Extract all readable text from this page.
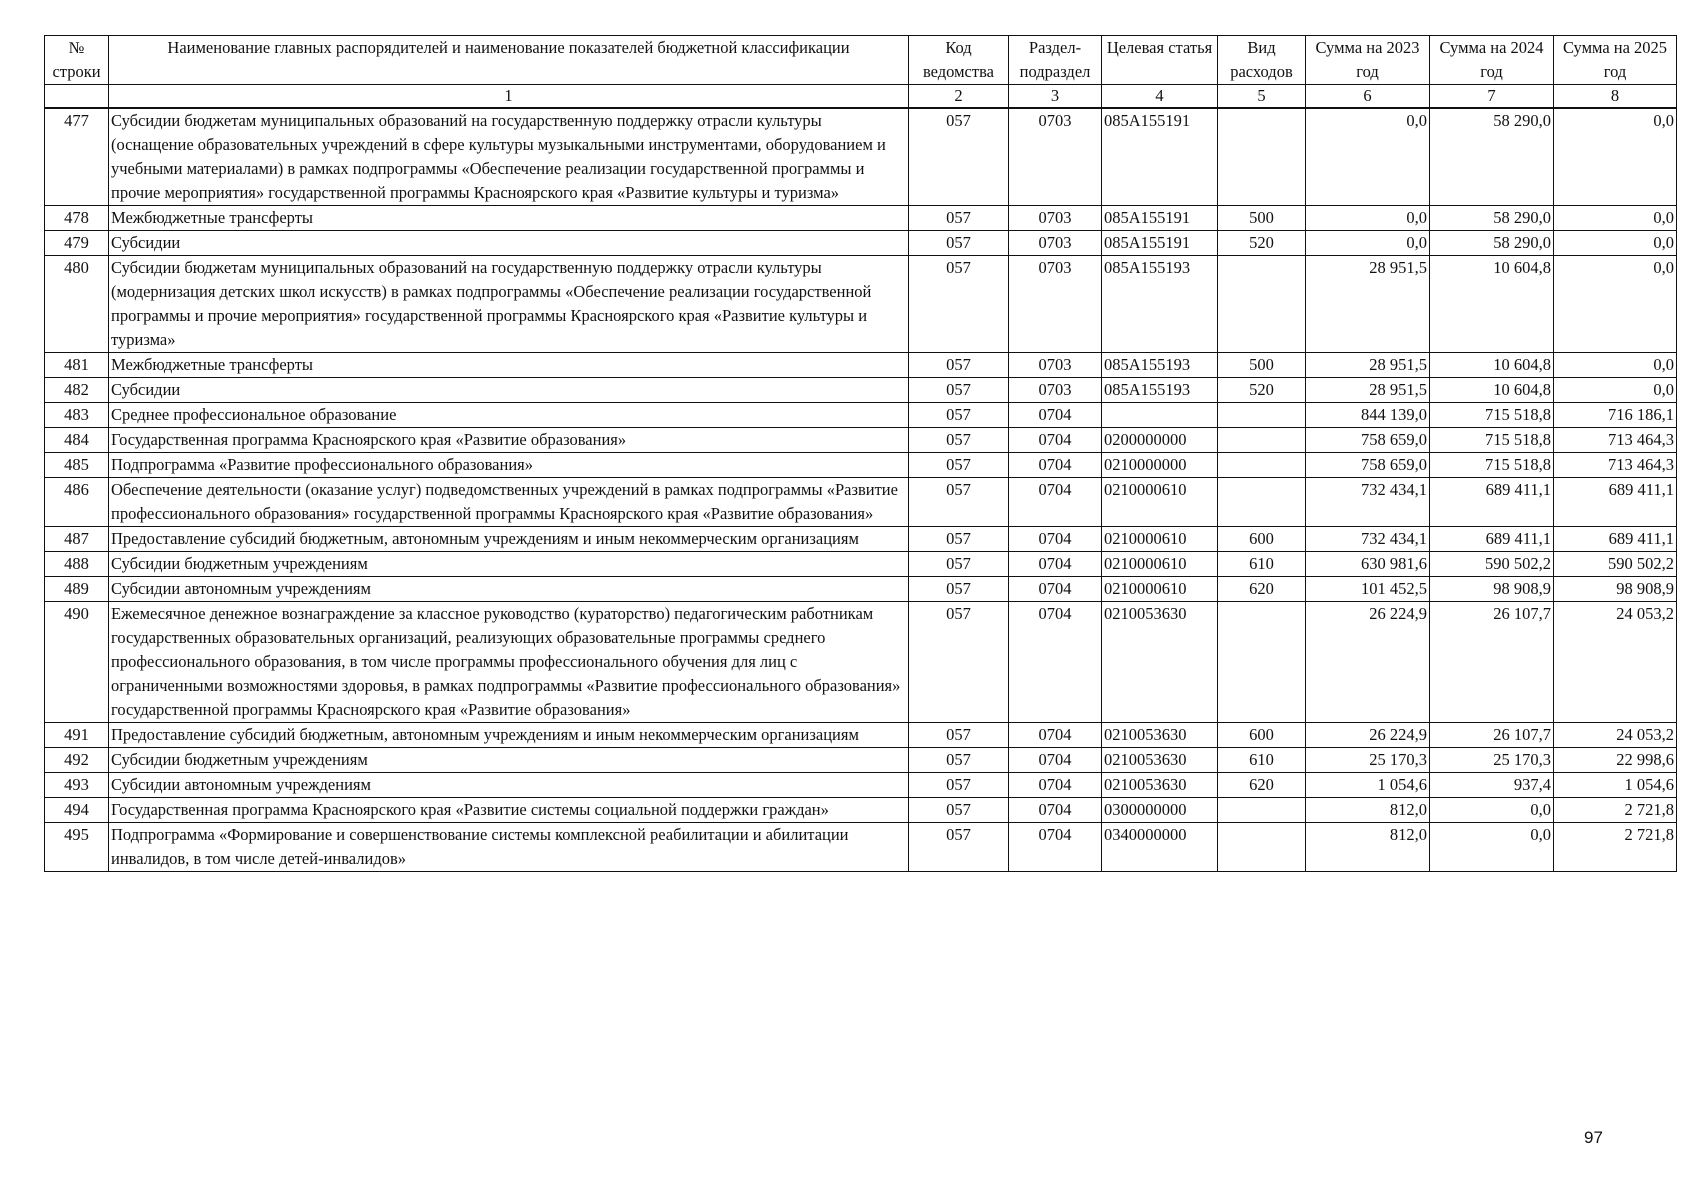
№ строки	Наименование главных распорядителей и наименование показателей бюджетной классификации	Код ведомства	Раздел-подраздел	Целевая статья	Вид расходов	Сумма на 2023 год	Сумма на 2024 год	Сумма на 2025 год
	1	2	3	4	5	6	7	8
477	Субсидии бюджетам муниципальных образований на государственную поддержку отрасли культуры (оснащение образовательных учреждений в сфере культуры музыкальными инструментами, оборудованием и учебными материалами) в рамках подпрограммы «Обеспечение реализации государственной программы и прочие мероприятия» государственной программы Красноярского края «Развитие культуры и туризма»	057	0703	085A155191		0,0	58 290,0	0,0
478	Межбюджетные трансферты	057	0703	085A155191	500	0,0	58 290,0	0,0
479	Субсидии	057	0703	085A155191	520	0,0	58 290,0	0,0
480	Субсидии бюджетам муниципальных образований на государственную поддержку отрасли культуры (модернизация детских школ искусств) в рамках подпрограммы «Обеспечение реализации государственной программы и прочие мероприятия» государственной программы Красноярского края «Развитие культуры и туризма»	057	0703	085A155193		28 951,5	10 604,8	0,0
481	Межбюджетные трансферты	057	0703	085A155193	500	28 951,5	10 604,8	0,0
482	Субсидии	057	0703	085A155193	520	28 951,5	10 604,8	0,0
483	Среднее профессиональное образование	057	0704			844 139,0	715 518,8	716 186,1
484	Государственная программа Красноярского края «Развитие образования»	057	0704	0200000000		758 659,0	715 518,8	713 464,3
485	Подпрограмма «Развитие профессионального образования»	057	0704	0210000000		758 659,0	715 518,8	713 464,3
486	Обеспечение деятельности (оказание услуг) подведомственных учреждений в рамках подпрограммы «Развитие профессионального образования» государственной программы Красноярского края «Развитие образования»	057	0704	0210000610		732 434,1	689 411,1	689 411,1
487	Предоставление субсидий бюджетным, автономным учреждениям и иным некоммерческим организациям	057	0704	0210000610	600	732 434,1	689 411,1	689 411,1
488	Субсидии бюджетным учреждениям	057	0704	0210000610	610	630 981,6	590 502,2	590 502,2
489	Субсидии автономным учреждениям	057	0704	0210000610	620	101 452,5	98 908,9	98 908,9
490	Ежемесячное денежное вознаграждение за классное руководство (кураторство) педагогическим работникам государственных образовательных организаций, реализующих образовательные программы среднего профессионального образования, в том числе программы профессионального обучения для лиц с ограниченными возможностями здоровья, в рамках подпрограммы «Развитие профессионального образования» государственной программы Красноярского края «Развитие образования»	057	0704	0210053630		26 224,9	26 107,7	24 053,2
491	Предоставление субсидий бюджетным, автономным учреждениям и иным некоммерческим организациям	057	0704	0210053630	600	26 224,9	26 107,7	24 053,2
492	Субсидии бюджетным учреждениям	057	0704	0210053630	610	25 170,3	25 170,3	22 998,6
493	Субсидии автономным учреждениям	057	0704	0210053630	620	1 054,6	937,4	1 054,6
494	Государственная программа Красноярского края «Развитие системы социальной поддержки граждан»	057	0704	0300000000		812,0	0,0	2 721,8
495	Подпрограмма «Формирование и совершенствование системы комплексной реабилитации и абилитации инвалидов, в том числе детей-инвалидов»	057	0704	0340000000		812,0	0,0	2 721,8
97
